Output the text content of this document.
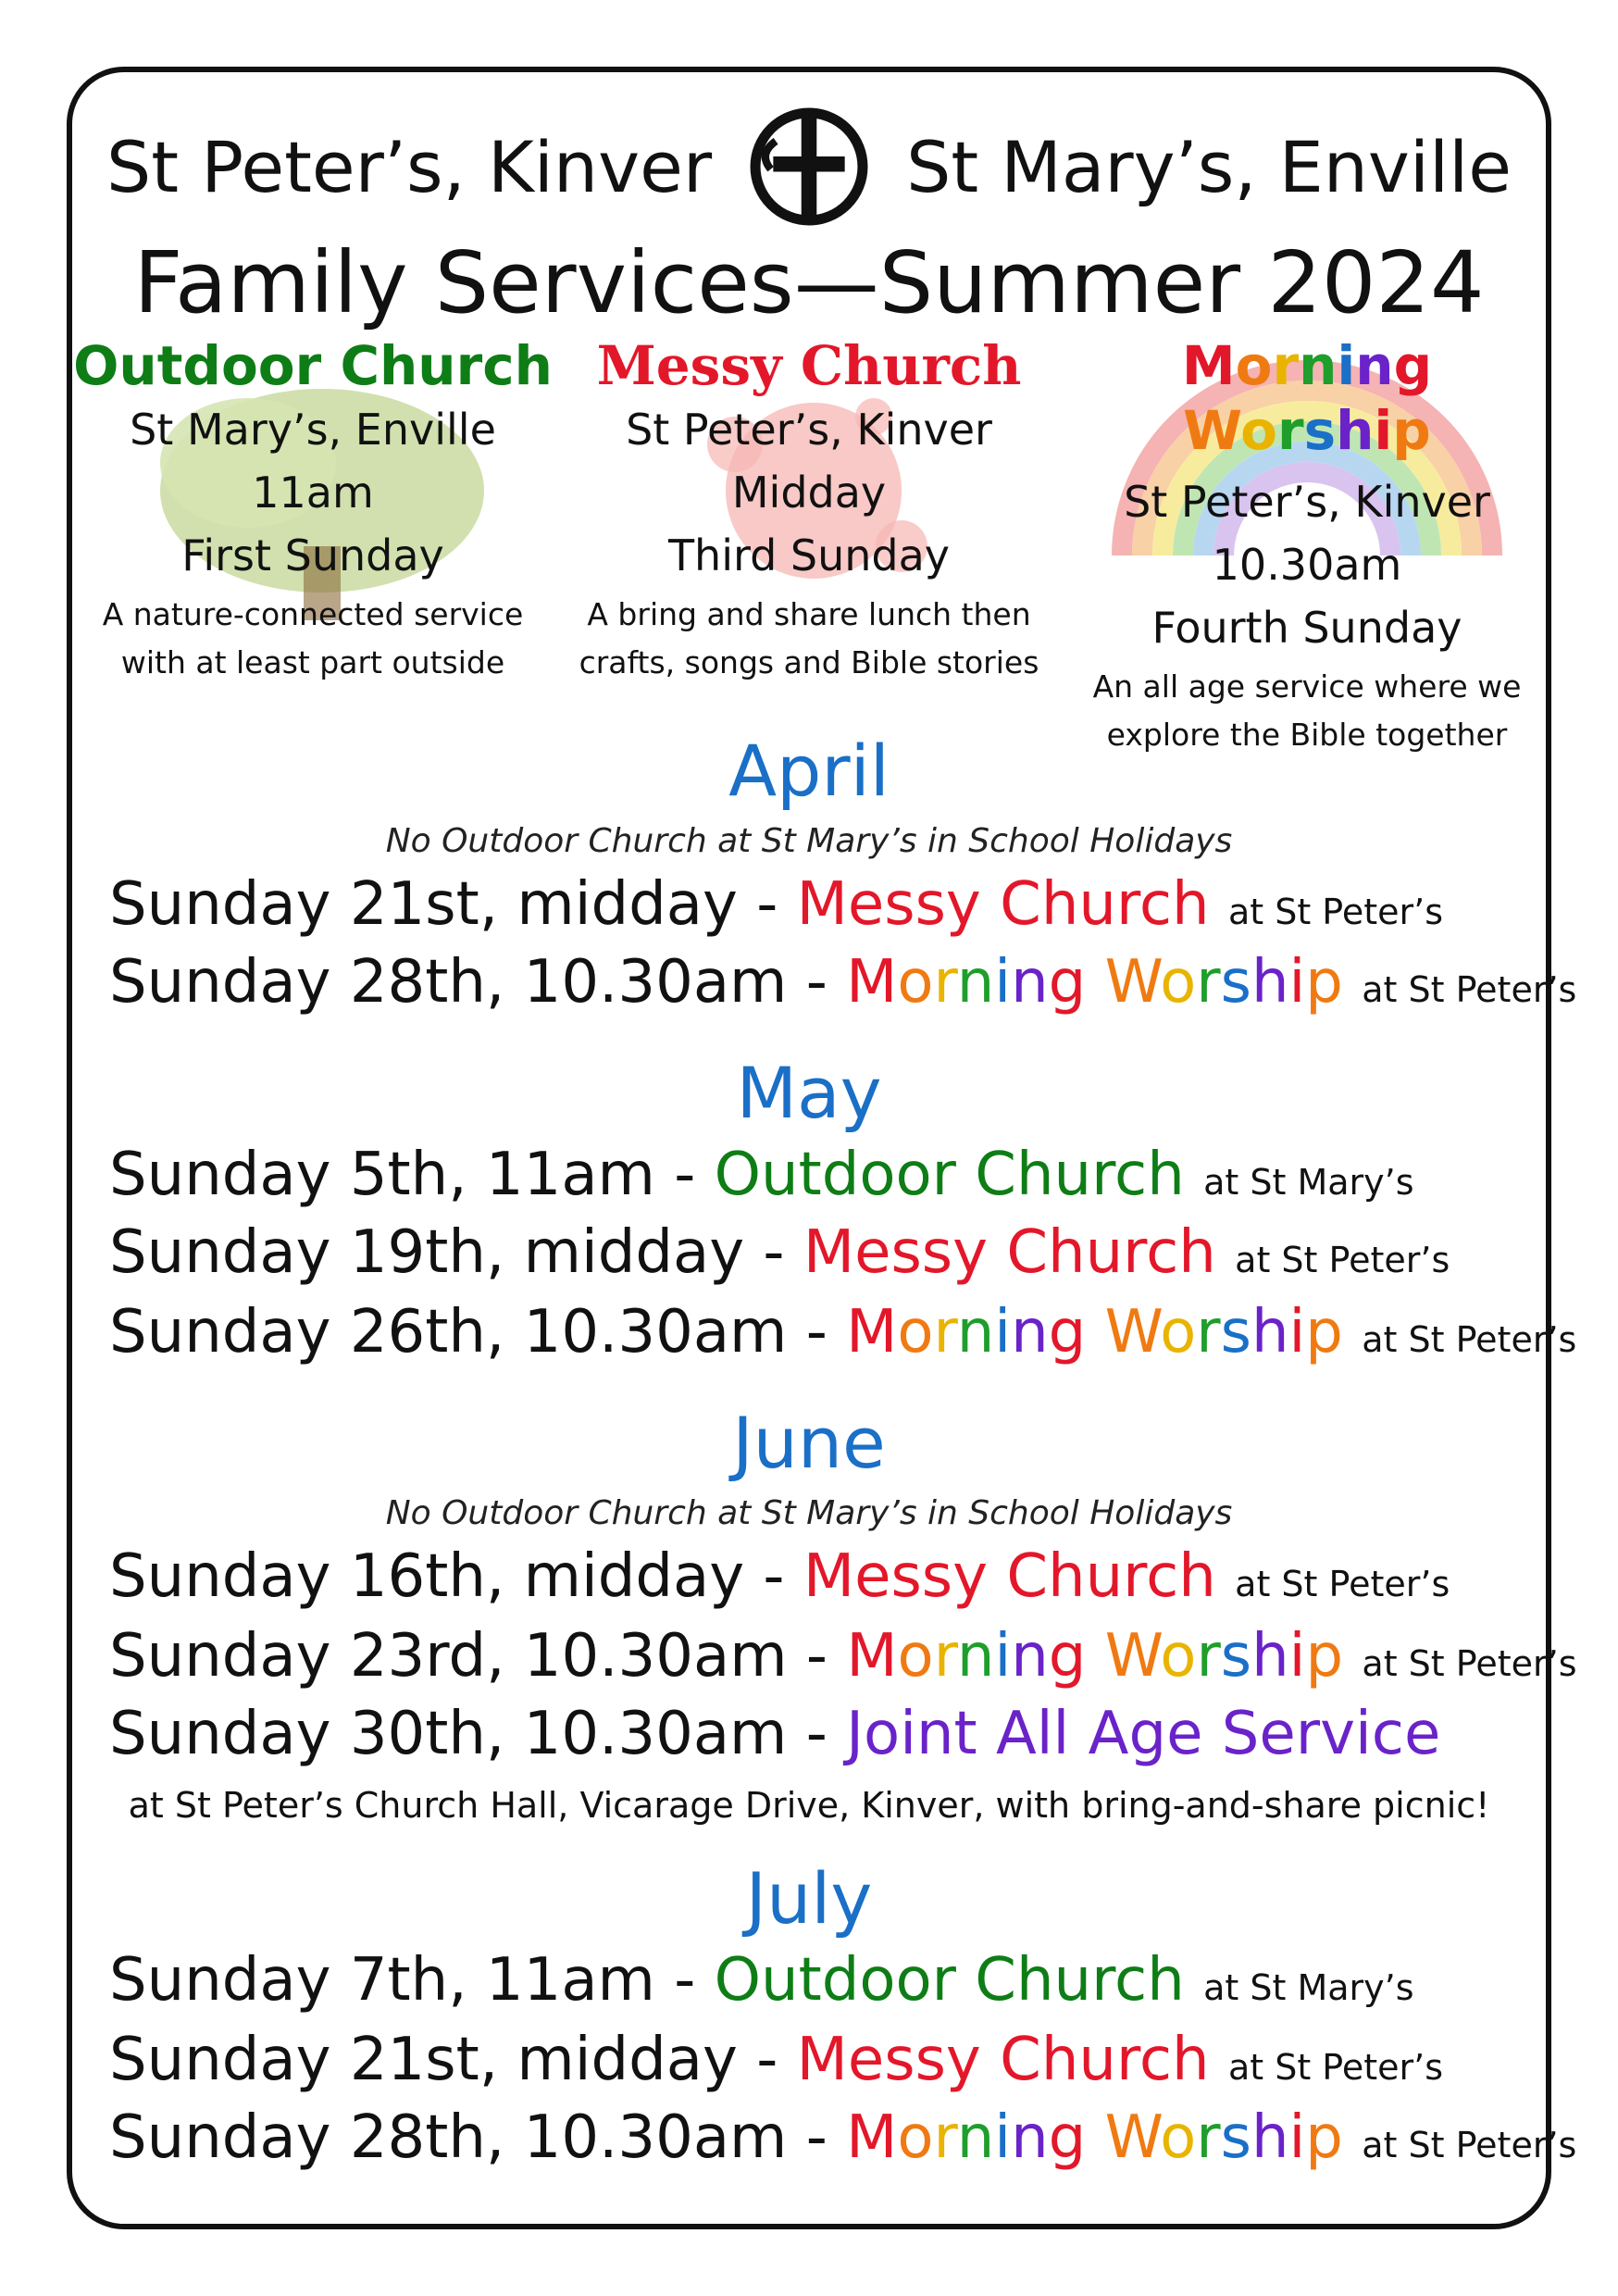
St Peter’s, Kinver	St Mary’s, Enville
Family Services—Summer 2024
Outdoor Church
St Mary’s, Enville
11am
First Sunday
A nature-connected service
with at least part outside
Messy Church
St Peter’s, Kinver
Midday
Third Sunday
A bring and share lunch then
crafts, songs and Bible stories
Morning Worship
St Peter’s, Kinver
10.30am
Fourth Sunday
An all age service where we
explore the Bible together
April
No Outdoor Church at St Mary’s in School Holidays
Sunday 21st, midday - Messy Church at St Peter’s
Sunday 28th, 10.30am - Morning Worship at St Peter’s
May
Sunday 5th, 11am - Outdoor Church at St Mary’s
Sunday 19th, midday - Messy Church at St Peter’s
Sunday 26th, 10.30am - Morning Worship at St Peter’s
June
No Outdoor Church at St Mary’s in School Holidays
Sunday 16th, midday - Messy Church at St Peter’s
Sunday 23rd, 10.30am - Morning Worship at St Peter’s
Sunday 30th, 10.30am - Joint All Age Service
at St Peter’s Church Hall, Vicarage Drive, Kinver, with bring-and-share picnic!
July
Sunday 7th, 11am - Outdoor Church at St Mary’s
Sunday 21st, midday - Messy Church at St Peter’s
Sunday 28th, 10.30am - Morning Worship at St Peter’s
